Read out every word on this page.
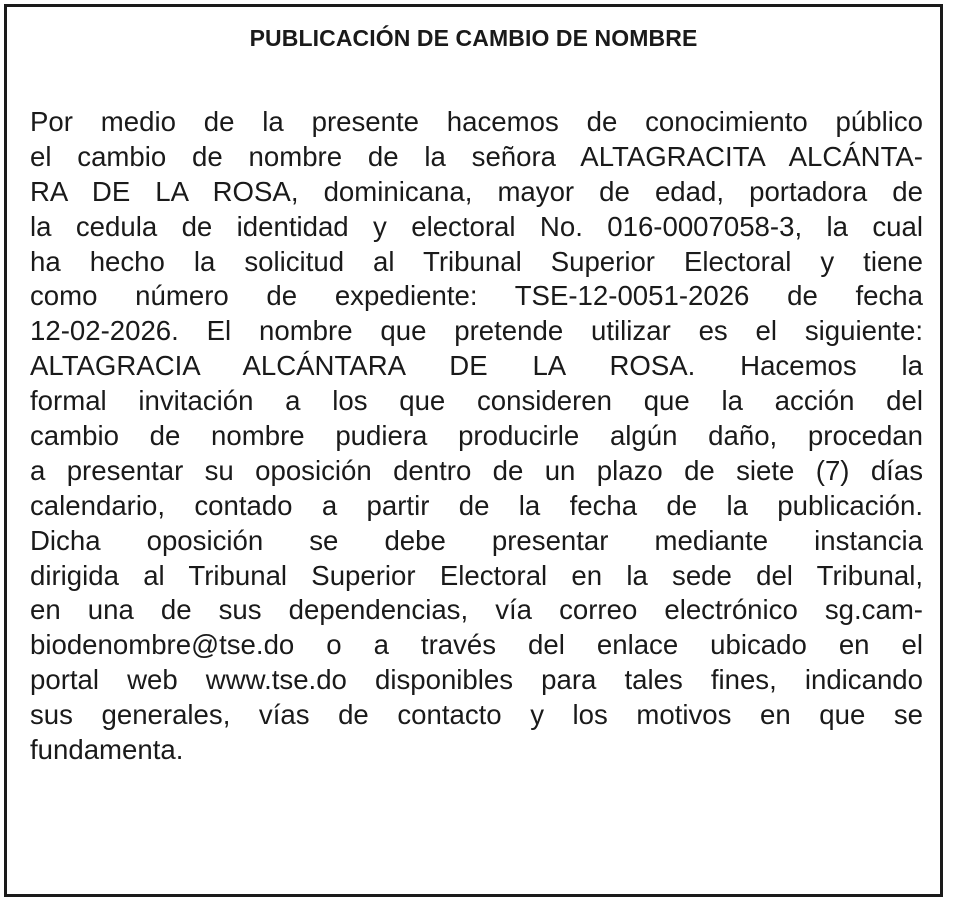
PUBLICACIÓN DE CAMBIO DE NOMBRE
Por medio de la presente hacemos de conocimiento público
el cambio de nombre de la señora ALTAGRACITA ALCÁNTA-
RA DE LA ROSA, dominicana, mayor de edad, portadora de
la cedula de identidad y electoral No. 016-0007058-3, la cual
ha hecho la solicitud al Tribunal Superior Electoral y tiene
como número de expediente: TSE-12-0051-2026 de fecha
12-02-2026. El nombre que pretende utilizar es el siguiente:
ALTAGRACIA ALCÁNTARA DE LA ROSA. Hacemos la
formal invitación a los que consideren que la acción del
cambio de nombre pudiera producirle algún daño, procedan
a presentar su oposición dentro de un plazo de siete (7) días
calendario, contado a partir de la fecha de la publicación.
Dicha oposición se debe presentar mediante instancia
dirigida al Tribunal Superior Electoral en la sede del Tribunal,
en una de sus dependencias, vía correo electrónico sg.cam-
biodenombre@tse.do o a través del enlace ubicado en el
portal web www.tse.do disponibles para tales fines, indicando
sus generales, vías de contacto y los motivos en que se
fundamenta.
